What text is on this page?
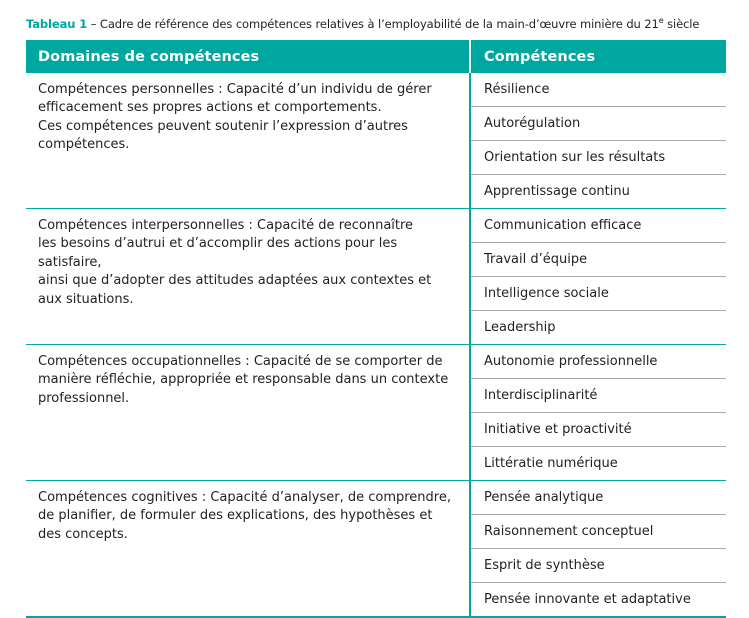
Tableau 1 – Cadre de référence des compétences relatives à l’employabilité de la main-d’œuvre minière du 21e siècle
Domaines de compétences	Compétences

Compétences personnelles : Capacité d’un individu de gérer
efficacement ses propres actions et comportements.
Ces compétences peuvent soutenir l’expression d’autres
compétences.	Résilience
	Autorégulation
	Orientation sur les résultats
	Apprentissage continu

Compétences interpersonnelles : Capacité de reconnaître
les besoins d’autrui et d’accomplir des actions pour les satisfaire,
ainsi que d’adopter des attitudes adaptées aux contextes et
aux situations.	Communication efficace
	Travail d’équipe
	Intelligence sociale
	Leadership

Compétences occupationnelles : Capacité de se comporter de
manière réfléchie, appropriée et responsable dans un contexte
professionnel.	Autonomie professionnelle
	Interdisciplinarité
	Initiative et proactivité
	Littératie numérique

Compétences cognitives : Capacité d’analyser, de comprendre,
de planifier, de formuler des explications, des hypothèses et
des concepts.	Pensée analytique
	Raisonnement conceptuel
	Esprit de synthèse
	Pensée innovante et adaptative
